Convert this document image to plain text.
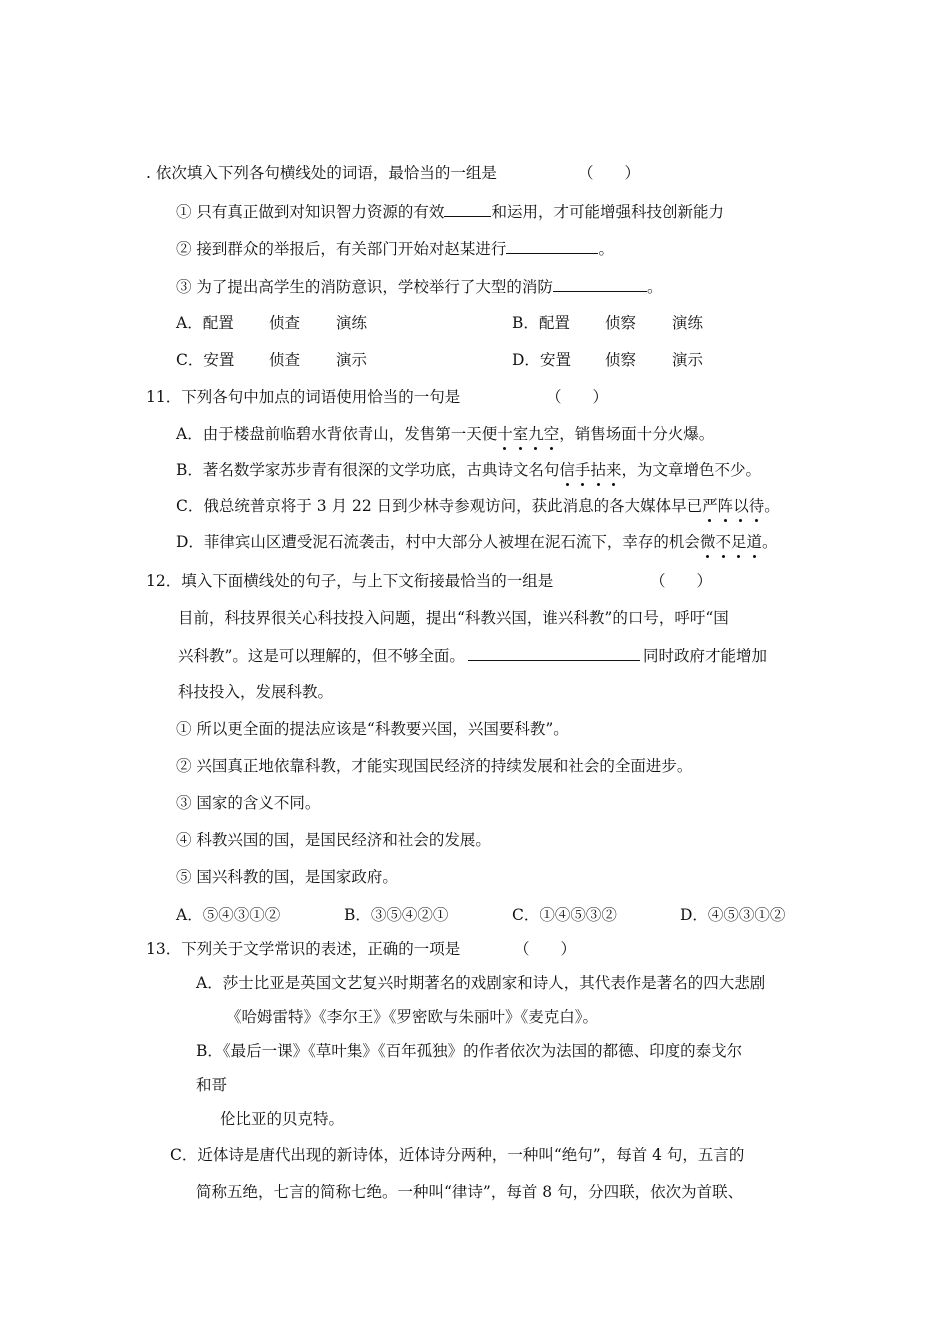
. 依次填入下列各句横线处的词语，最恰当的一组是	（　　）
① 只有真正做到对知识智力资源的有效	和运用，才可能增强科技创新能力
② 接到群众的举报后，有关部门开始对赵某进行	。
③ 为了提出高学生的消防意识，学校举行了大型的消防	。
A．配置 侦查 演练	B．配置 侦察 演练
C．安置 侦查 演示	D．安置 侦察 演示
11．下列各句中加点的词语使用恰当的一句是	（　　）
A．由于楼盘前临碧水背依青山，发售第一天便十室九空，销售场面十分火爆。
B．著名数学家苏步青有很深的文学功底，古典诗文名句信手拈来，为文章增色不少。
C．俄总统普京将于 3 月 22 日到少林寺参观访问，获此消息的各大媒体早已严阵以待。
D．菲律宾山区遭受泥石流袭击，村中大部分人被埋在泥石流下，幸存的机会微不足道。
12．填入下面横线处的句子，与上下文衔接最恰当的一组是	（　　）
目前，科技界很关心科技投入问题，提出“科教兴国，谁兴科教”的口号，呼吁“国
兴科教”。这是可以理解的，但不够全面。	同时政府才能增加
科技投入，发展科教。
① 所以更全面的提法应该是“科教要兴国，兴国要科教”。
② 兴国真正地依靠科教，才能实现国民经济的持续发展和社会的全面进步。
③ 国家的含义不同。
④ 科教兴国的国，是国民经济和社会的发展。
⑤ 国兴科教的国，是国家政府。
A．⑤④③①②	B．③⑤④②①	C．①④⑤③②	D．④⑤③①②
13．下列关于文学常识的表述，正确的一项是	（　　）
A．莎士比亚是英国文艺复兴时期著名的戏剧家和诗人，其代表作是著名的四大悲剧
《哈姆雷特》《李尔王》《罗密欧与朱丽叶》《麦克白》。
B．《最后一课》《草叶集》《百年孤独》的作者依次为法国的都德、印度的泰戈尔
和哥
伦比亚的贝克特。
C．近体诗是唐代出现的新诗体，近体诗分两种，一种叫“绝句”，每首 4 句，五言的
简称五绝，七言的简称七绝。一种叫“律诗”，每首 8 句，分四联，依次为首联、
